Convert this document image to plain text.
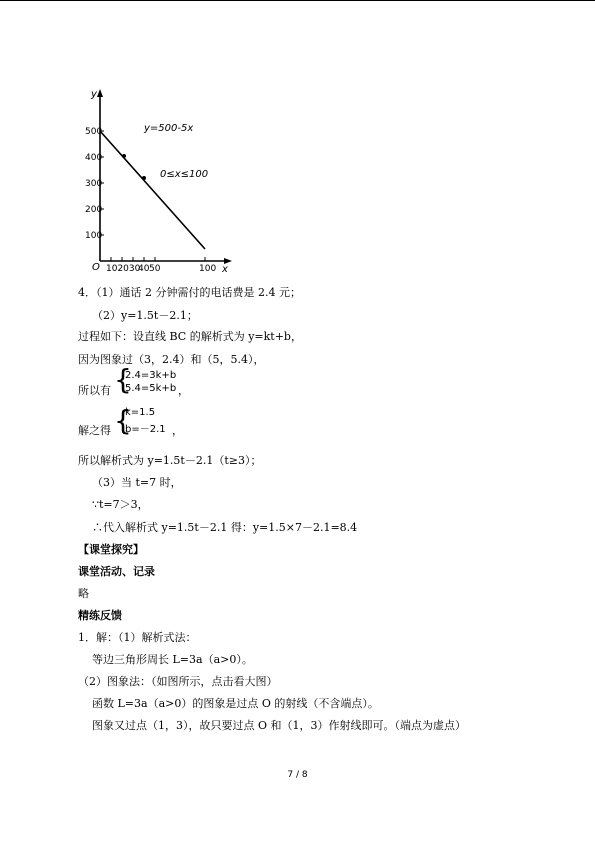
y
x
O
500
400
300
200
100
102030
40 50	100
y=500-5x
0≤x≤100
4．（1）通话 2 分钟需付的电话费是 2.4 元；
（2）y=1.5t－2.1；
过程如下：设直线 BC 的解析式为 y=kt+b，
因为图象过（3，2.4）和（5，5.4），
所以有 {
2.4=3k+b
5.4=5k+b ，
解之得 {
k=1.5
b=－2.1 ，
所以解析式为 y=1.5t－2.1（t≥3）；
（3）当 t=7 时，
∵t=7＞3，
∴代入解析式 y=1.5t－2.1 得：y=1.5×7－2.1=8.4
【课堂探究】
课堂活动、记录
略
精练反馈
1．解：（1）解析式法：
等边三角形周长 L=3a（a>0）。
（2）图象法：（如图所示，点击看大图）
函数 L=3a（a>0）的图象是过点 O 的射线（不含端点）。
图象又过点（1，3），故只要过点 O 和（1，3）作射线即可。（端点为虚点）
7 / 8
